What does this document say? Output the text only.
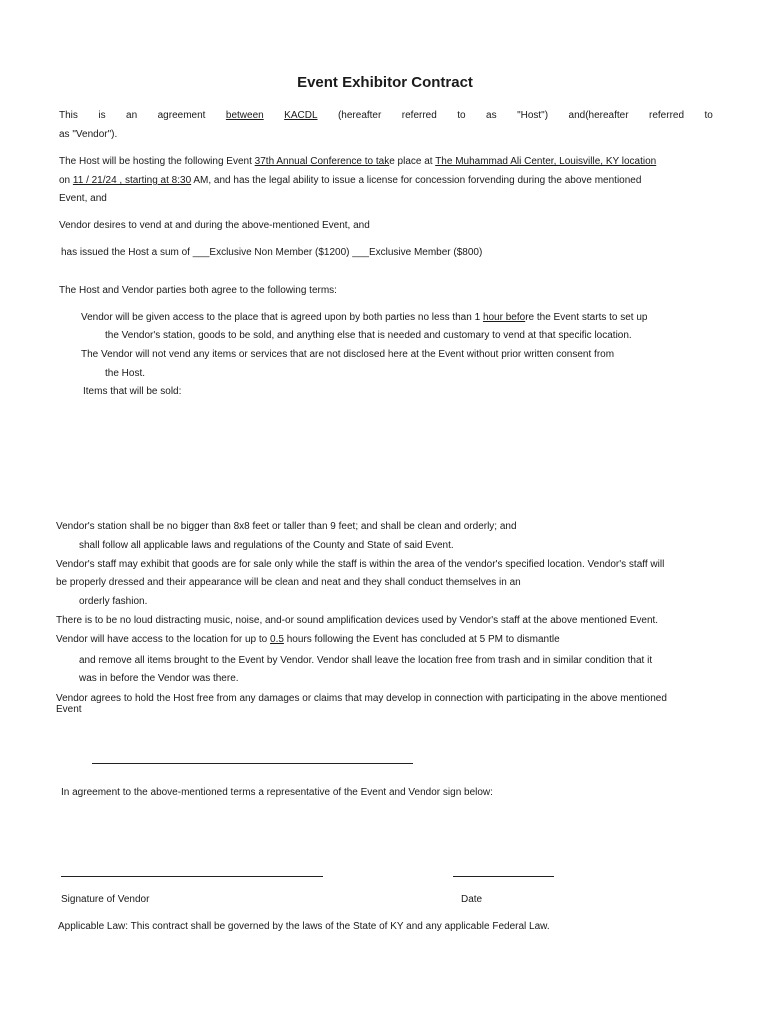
Event Exhibitor Contract
This is an agreement between KACDL (hereafter referred to as "Host") and(hereafter referred to
as "Vendor").
The Host will be hosting the following Event 37th Annual Conference to take place at The Muhammad Ali Center, Louisville, KY location
on 11 / 21/24 , starting at 8:30 AM, and has the legal ability to issue a license for concession forvending during the above mentioned
Event, and
Vendor desires to vend at and during the above-mentioned Event, and
has issued the Host a sum of ___Exclusive Non Member ($1200) ___Exclusive Member ($800)
The Host and Vendor parties both agree to the following terms:
Vendor will be given access to the place that is agreed upon by both parties no less than 1 hour before the Event starts to set up
the Vendor's station, goods to be sold, and anything else that is needed and customary to vend at that specific location.
The Vendor will not vend any items or services that are not disclosed here at the Event without prior written consent from
the Host.
Items that will be sold:
Vendor's station shall be no bigger than 8x8 feet or taller than 9 feet; and shall be clean and orderly; and
shall follow all applicable laws and regulations of the County and State of said Event.
Vendor's staff may exhibit that goods are for sale only while the staff is within the area of the vendor's specified location. Vendor's staff will
be properly dressed and their appearance will be clean and neat and they shall conduct themselves in an
orderly fashion.
There is to be no loud distracting music, noise, and-or sound amplification devices used by Vendor's staff at the above mentioned Event.
Vendor will have access to the location for up to 0.5 hours following the Event has concluded at 5 PM to dismantle
and remove all items brought to the Event by Vendor. Vendor shall leave the location free from trash and in similar condition that it
was in before the Vendor was there.
Vendor agrees to hold the Host free from any damages or claims that may develop in connection with participating in the above mentioned
Event
In agreement to the above-mentioned terms a representative of the Event and Vendor sign below:
Signature of Vendor	Date
Applicable Law: This contract shall be governed by the laws of the State of KY and any applicable Federal Law.
